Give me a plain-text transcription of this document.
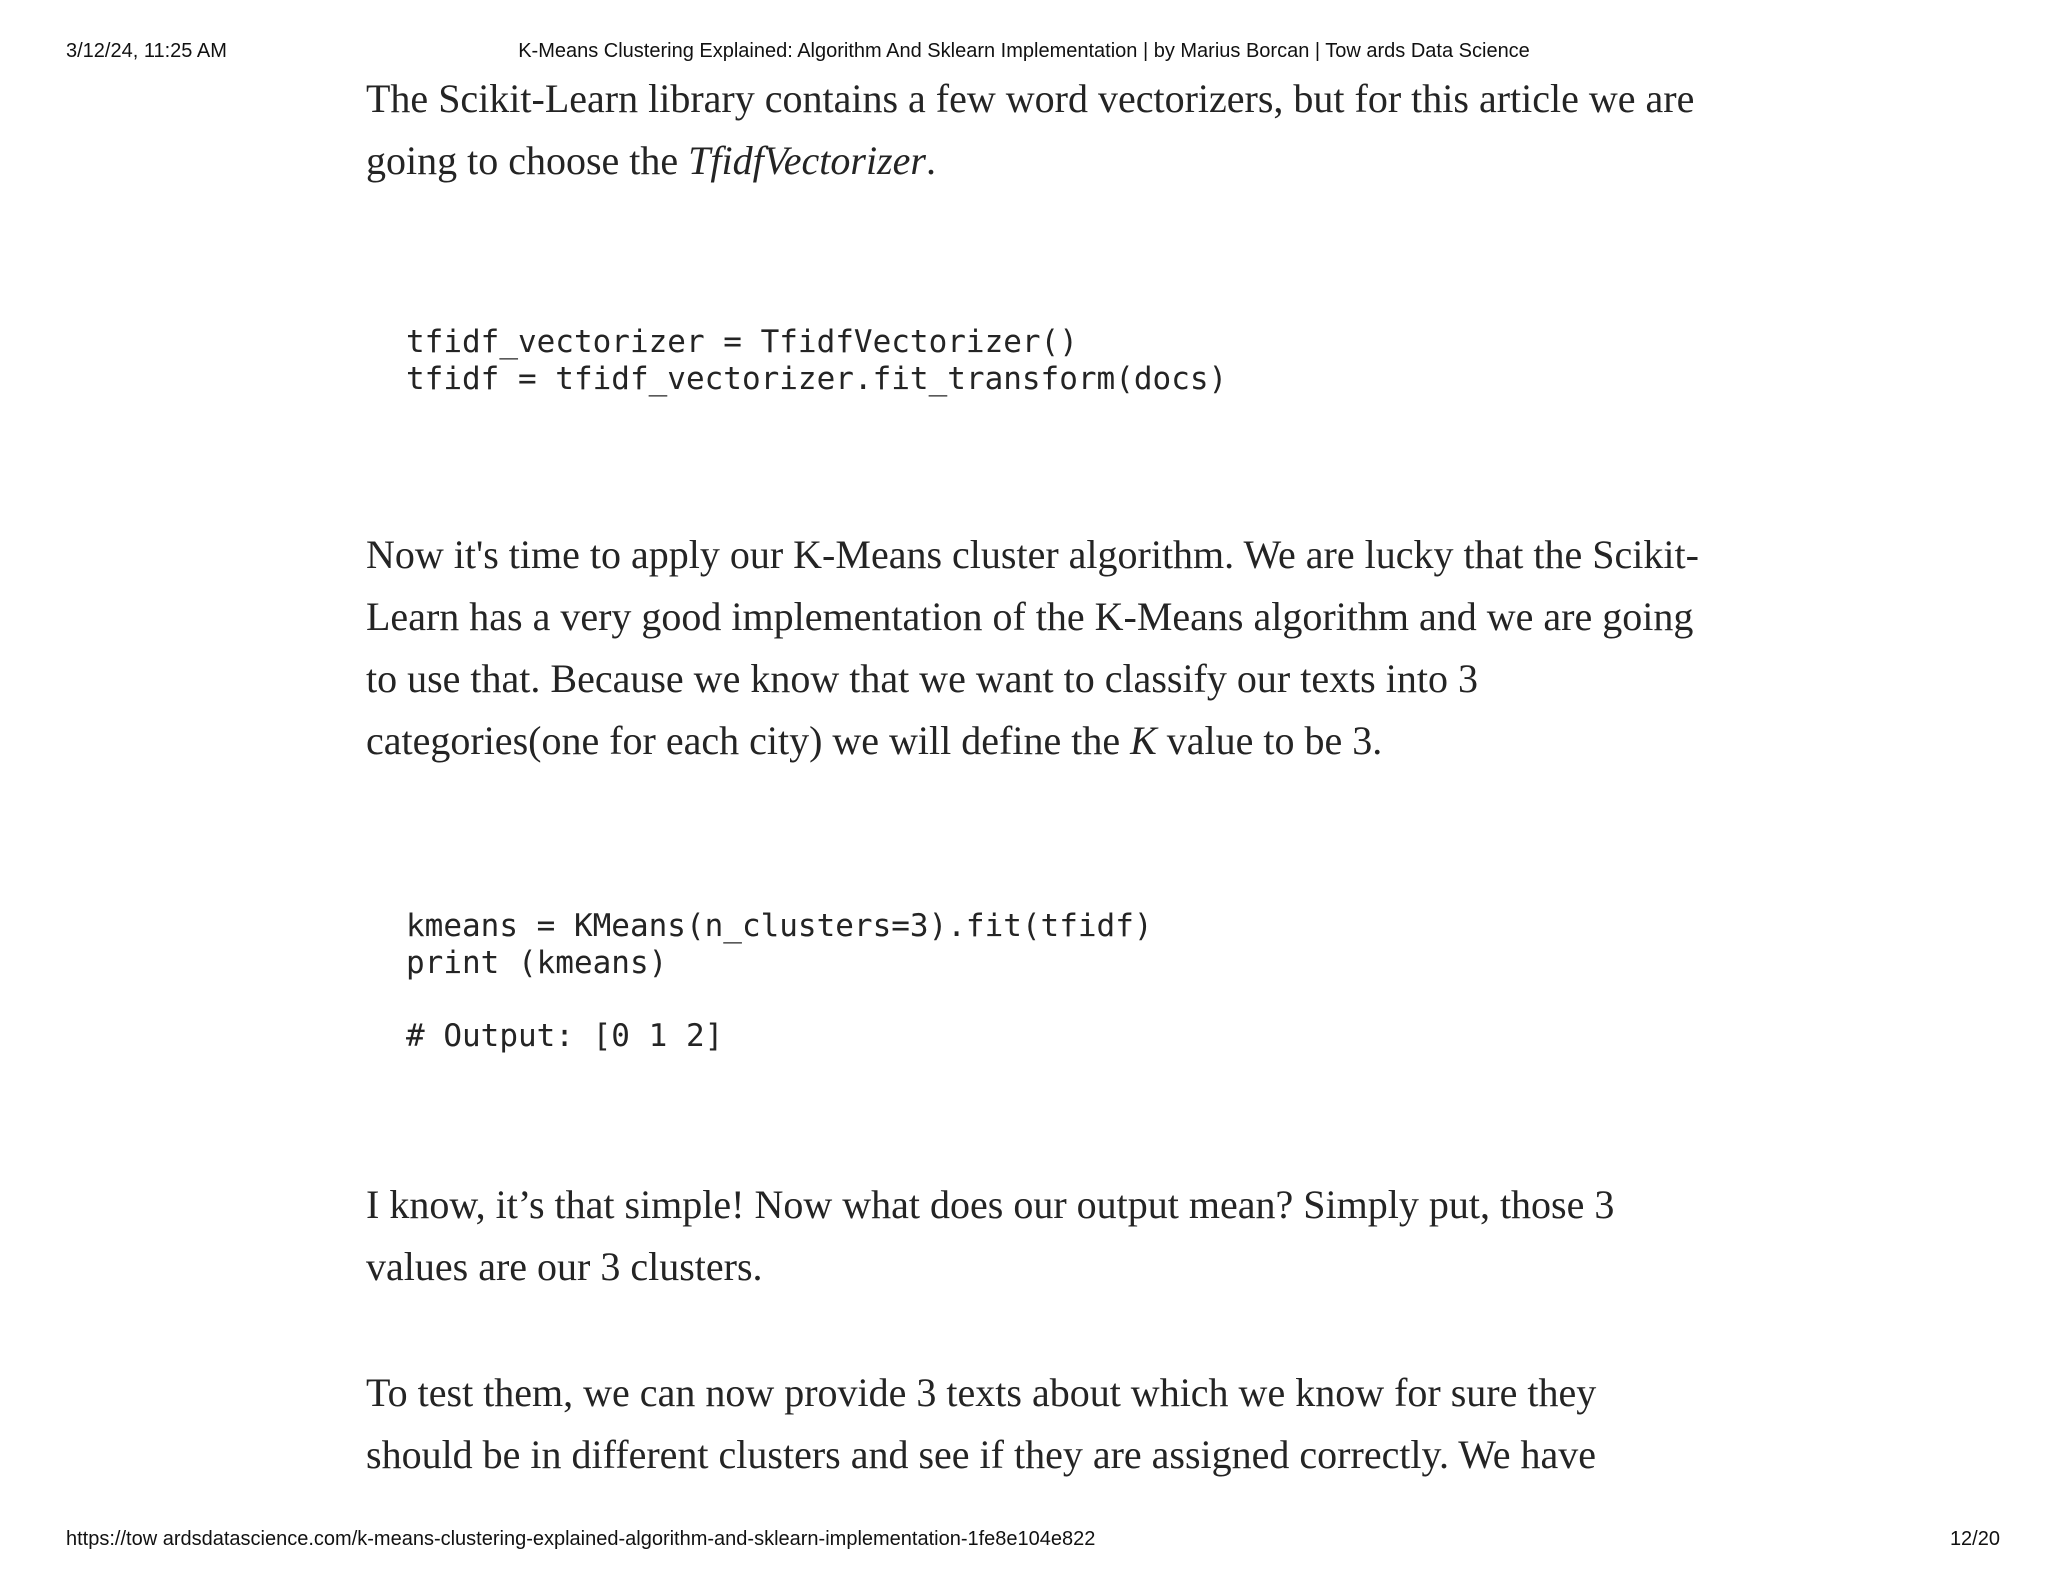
3/12/24, 11:25 AM	K-Means Clustering Explained: Algorithm And Sklearn Implementation | by Marius Borcan | Tow ards Data Science

The Scikit-Learn library contains a few word vectorizers, but for this article we are going to choose the TfidfVectorizer.

tfidf_vectorizer = TfidfVectorizer()
tfidf = tfidf_vectorizer.fit_transform(docs)

Now it's time to apply our K-Means cluster algorithm. We are lucky that the Scikit-Learn has a very good implementation of the K-Means algorithm and we are going to use that. Because we know that we want to classify our texts into 3 categories(one for each city) we will define the K value to be 3.

kmeans = KMeans(n_clusters=3).fit(tfidf)
print (kmeans)
# Output: [0 1 2]

I know, it’s that simple! Now what does our output mean? Simply put, those 3 values are our 3 clusters.

To test them, we can now provide 3 texts about which we know for sure they should be in different clusters and see if they are assigned correctly. We have

https://tow ardsdatascience.com/k-means-clustering-explained-algorithm-and-sklearn-implementation-1fe8e104e822	12/20
